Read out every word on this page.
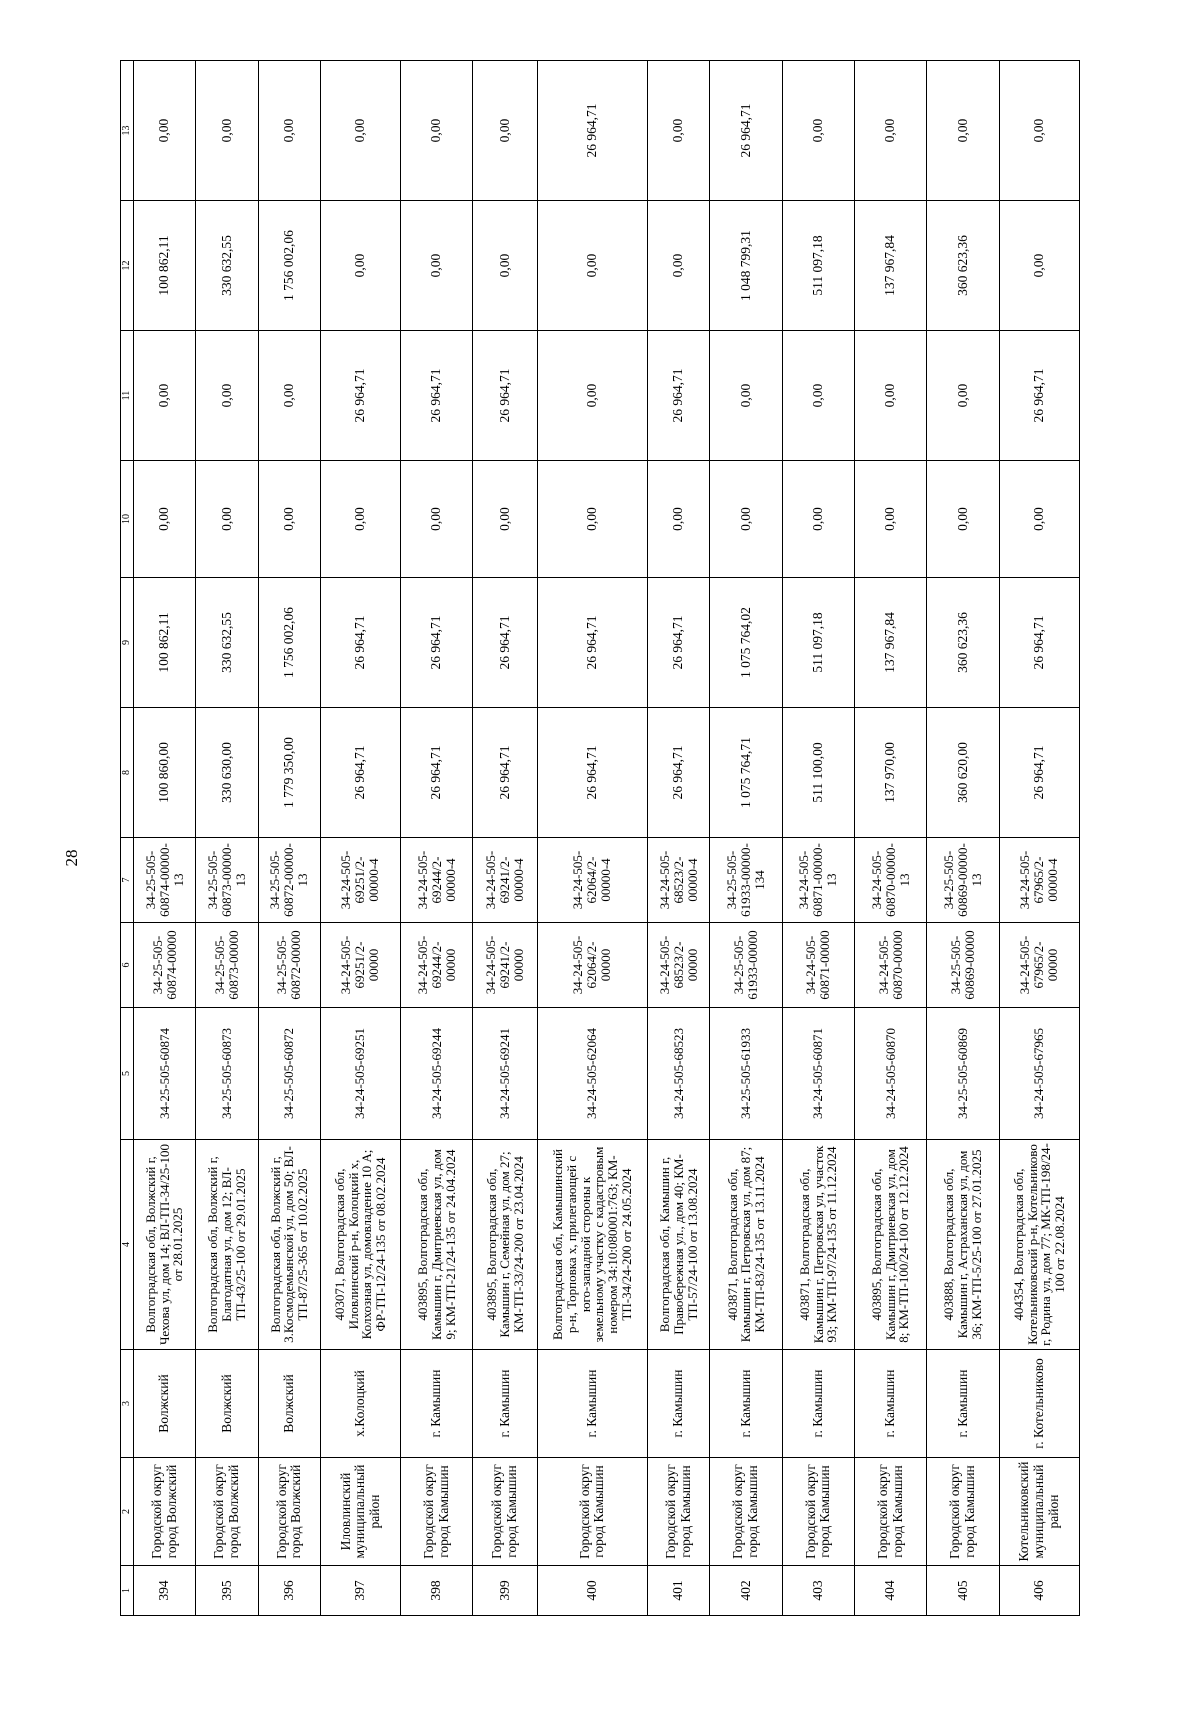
28
1	2	3	4	5	6	7	8	9	10	11	12	13
394	Городской округ город Волжский	Волжский	Волгоградская обл, Волжский г, Чехова ул, дом 14; ВЛ-ТП-34/25-100 от 28.01.2025	34-25-505-60874	34-25-505-60874-00000	34-25-505-60874-00000-13	100 860,00	100 862,11	0,00	0,00	100 862,11	0,00
395	Городской округ город Волжский	Волжский	Волгоградская обл, Волжский г, Благодатная ул, дом 12; ВЛ-ТП-43/25-100 от 29.01.2025	34-25-505-60873	34-25-505-60873-00000	34-25-505-60873-00000-13	330 630,00	330 632,55	0,00	0,00	330 632,55	0,00
396	Городской округ город Волжский	Волжский	Волгоградская обл, Волжский г, 3.Космодемьянской ул, дом 50; ВЛ-ТП-87/25-365 от 10.02.2025	34-25-505-60872	34-25-505-60872-00000	34-25-505-60872-00000-13	1 779 350,00	1 756 002,06	0,00	0,00	1 756 002,06	0,00
397	Иловлинский муниципальный район	х.Колоцкий	403071, Волгоградская обл, Иловлинский р-н, Колоцкий х, Колхозная ул, домовладение 10 А; ФР-ТП-12/24-135 от 08.02.2024	34-24-505-69251	34-24-505-69251/2-00000	34-24-505-69251/2-00000-4	26 964,71	26 964,71	0,00	26 964,71	0,00	0,00
398	Городской округ город Камышин	г. Камышин	403895, Волгоградская обл, Камышин г, Дмитриевская ул, дом 9; КМ-ТП-21/24-135 от 24.04.2024	34-24-505-69244	34-24-505-69244/2-00000	34-24-505-69244/2-00000-4	26 964,71	26 964,71	0,00	26 964,71	0,00	0,00
399	Городской округ город Камышин	г. Камышин	403895, Волгоградская обл, Камышин г, Семейная ул, дом 27; КМ-ТП-33/24-200 от 23.04.2024	34-24-505-69241	34-24-505-69241/2-00000	34-24-505-69241/2-00000-4	26 964,71	26 964,71	0,00	26 964,71	0,00	0,00
400	Городской округ город Камышин	г. Камышин	Волгоградская обл, Камышинский р-н, Торповка х, прилегающей с юго-западной стороны к земельному участку с кадастровым номером 34:10:080001:763; КМ-ТП-34/24-200 от 24.05.2024	34-24-505-62064	34-24-505-62064/2-00000	34-24-505-62064/2-00000-4	26 964,71	26 964,71	0,00	0,00	0,00	26 964,71
401	Городской округ город Камышин	г. Камышин	Волгоградская обл, Камышин г, Правобережная ул., дом 40; КМ-ТП-57/24-100 от 13.08.2024	34-24-505-68523	34-24-505-68523/2-00000	34-24-505-68523/2-00000-4	26 964,71	26 964,71	0,00	26 964,71	0,00	0,00
402	Городской округ город Камышин	г. Камышин	403871, Волгоградская обл, Камышин г, Петровская ул, дом 87; КМ-ТП-83/24-135 от 13.11.2024	34-25-505-61933	34-25-505-61933-00000	34-25-505-61933-00000-134	1 075 764,71	1 075 764,02	0,00	0,00	1 048 799,31	26 964,71
403	Городской округ город Камышин	г. Камышин	403871, Волгоградская обл, Камышин г, Петровская ул, участок 93; КМ-ТП-97/24-135 от 11.12.2024	34-24-505-60871	34-24-505-60871-00000	34-24-505-60871-00000-13	511 100,00	511 097,18	0,00	0,00	511 097,18	0,00
404	Городской округ город Камышин	г. Камышин	403895, Волгоградская обл, Камышин г, Дмитриевская ул, дом 8; КМ-ТП-100/24-100 от 12.12.2024	34-24-505-60870	34-24-505-60870-00000	34-24-505-60870-00000-13	137 970,00	137 967,84	0,00	0,00	137 967,84	0,00
405	Городской округ город Камышин	г. Камышин	403888, Волгоградская обл, Камышин г, Астраханская ул, дом 36; КМ-ТП-5/25-100 от 27.01.2025	34-25-505-60869	34-25-505-60869-00000	34-25-505-60869-00000-13	360 620,00	360 623,36	0,00	0,00	360 623,36	0,00
406	Котельниковский муниципальный район	г. Котельниково	404354, Волгоградская обл, Котельниковский р-н, Котельниково г, Родина ул, дом 77; МК-ТП-198/24-100 от 22.08.2024	34-24-505-67965	34-24-505-67965/2-00000	34-24-505-67965/2-00000-4	26 964,71	26 964,71	0,00	26 964,71	0,00	0,00
